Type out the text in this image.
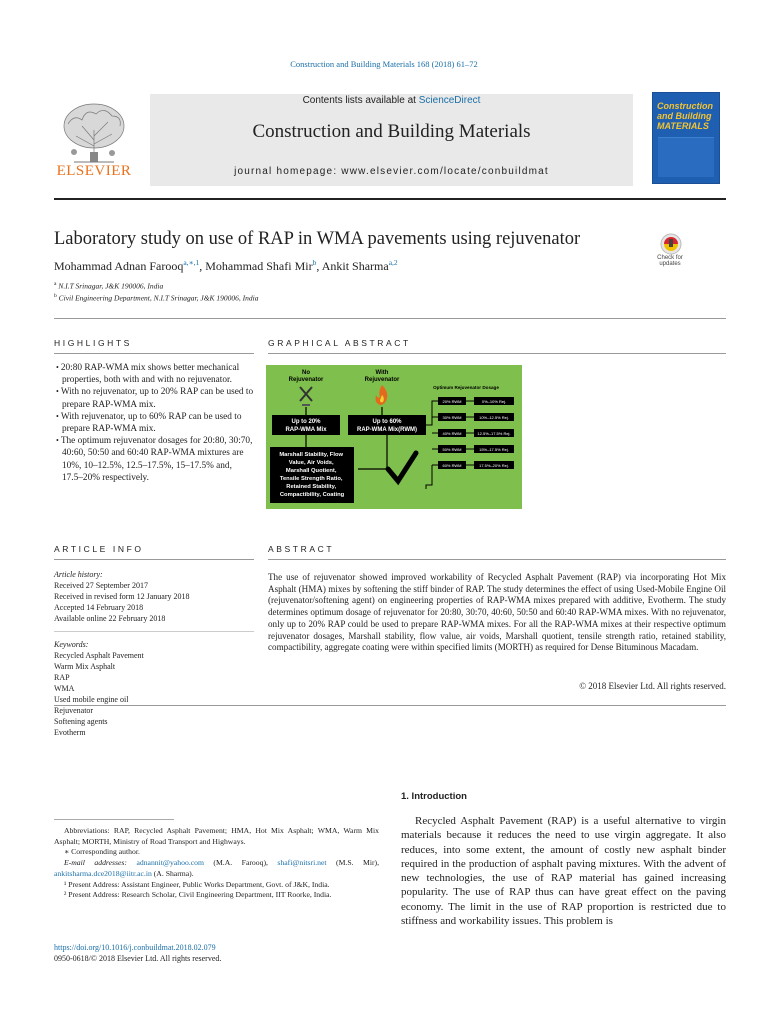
Construction and Building Materials 168 (2018) 61–72
ELSEVIER
Contents lists available at ScienceDirect
Construction and Building Materials
journal homepage: www.elsevier.com/locate/conbuildmat
Construction and Building MATERIALS
Laboratory study on use of RAP in WMA pavements using rejuvenator
Check for
updates
Mohammad Adnan Farooq$^{a,∗,1}$, Mohammad Shafi Mir$^b$, Ankit Sharma$^{a,2}$
$^a$ N.I.T Srinagar, J&K 190006, India
$^b$ Civil Engineering Department, N.I.T Srinagar, J&K 190006, India
HIGHLIGHTS
• 20:80 RAP-WMA mix shows better mechanical properties, both with and with no rejuvenator.
• With no rejuvenator, up to 20% RAP can be used to prepare RAP-WMA mix.
• With rejuvenator, up to 60% RAP can be used to prepare RAP-WMA mix.
• The optimum rejuvenator dosages for 20:80, 30:70, 40:60, 50:50 and 60:40 RAP-WMA mixtures are 10%, 10–12.5%, 12.5–17.5%, 15–17.5% and, 17.5–20% respectively.
GRAPHICAL ABSTRACT
No Rejuvenator
With Rejuvenator
Up to 20% RAP-WMA Mix
Up to 60% RAP-WMA Mix(RWM)
Marshall Stability, Flow Value, Air Voids, Marshall Quotient, Tensile Strength Ratio, Retained Stability, Compactibility, Coating
Optimum Rejuvenator Dosage
20% RWM	0%–10% Rej.
30% RWM	10%–12.5% Rej.
40% RWM	12.5%–17.5% Rej.
50% RWM	15%–17.5% Rej.
60% RWM	17.5%–20% Rej.
ARTICLE INFO
Article history:
Received 27 September 2017
Received in revised form 12 January 2018
Accepted 14 February 2018
Available online 22 February 2018
Keywords:
Recycled Asphalt Pavement
Warm Mix Asphalt
RAP
WMA
Used mobile engine oil
Rejuvenator
Softening agents
Evotherm
ABSTRACT
The use of rejuvenator showed improved workability of Recycled Asphalt Pavement (RAP) via incorporating Hot Mix Asphalt (HMA) mixes by softening the stiff binder of RAP. The study determines the effect of using Used-Mobile Engine Oil (rejuvenator/softening agent) on engineering properties of RAP-WMA mixes prepared with additive, Evotherm. The study determines optimum dosage of rejuvenator for 20:80, 30:70, 40:60, 50:50 and 60:40 RAP-WMA mixes. With no rejuvenator, only up to 20% RAP could be used to prepare RAP-WMA mixes. For all the RAP-WMA mixes at their respective optimum rejuvenator dosages, Marshall stability, flow value, air voids, Marshall quotient, tensile strength ratio, retained stability, compactibility, aggregate coating were within specified limits (MORTH) as required for Dense Bituminous Macadam.
© 2018 Elsevier Ltd. All rights reserved.
1. Introduction
Recycled Asphalt Pavement (RAP) is a useful alternative to virgin materials because it reduces the need to use virgin aggregate. It also reduces, into some extent, the amount of costly new asphalt binder required in the production of asphalt paving mixtures. With the advent of new technologies, the use of RAP material has gained increasing popularity. The use of RAP thus can have great effect on the paving economy. The limit in the use of RAP proportion is restricted due to stiffness and workability issues. This problem is

Abbreviations: RAP, Recycled Asphalt Pavement; HMA, Hot Mix Asphalt; WMA, Warm Mix Asphalt; MORTH, Ministry of Road Transport and Highways.

∗ Corresponding author.

E-mail addresses: adnannit@yahoo.com (M.A. Farooq), shafi@nitsri.net (M.S. Mir), ankitsharma.dce2018@iitr.ac.in (A. Sharma).

¹ Present Address: Assistant Engineer, Public Works Department, Govt. of J&K, India.

² Present Address: Research Scholar, Civil Engineering Department, IIT Roorke, India.

https://doi.org/10.1016/j.conbuildmat.2018.02.079
0950-0618/© 2018 Elsevier Ltd. All rights reserved.
